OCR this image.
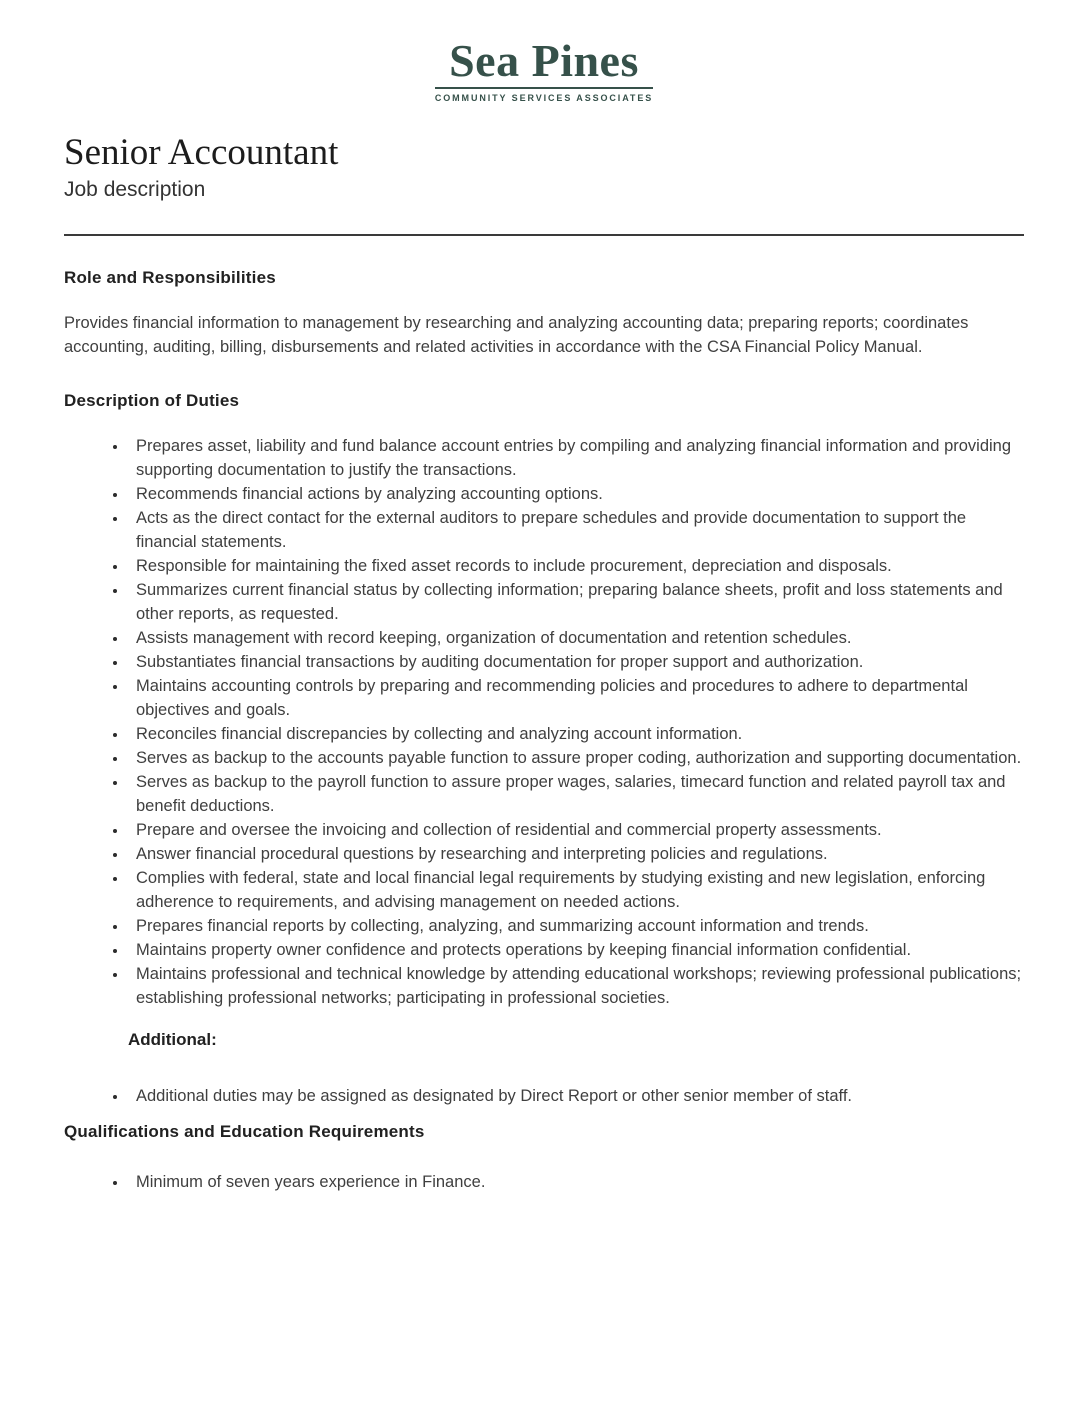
Sea Pines
COMMUNITY SERVICES ASSOCIATES
Senior Accountant
Job description
Role and Responsibilities

Provides financial information to management by researching and analyzing accounting data; preparing reports; coordinates accounting, auditing, billing, disbursements and related activities in accordance with the CSA Financial Policy Manual.

Description of Duties
• Prepares asset, liability and fund balance account entries by compiling and analyzing financial information and providing supporting documentation to justify the transactions.
• Recommends financial actions by analyzing accounting options.
• Acts as the direct contact for the external auditors to prepare schedules and provide documentation to support the financial statements.
• Responsible for maintaining the fixed asset records to include procurement, depreciation and disposals.
• Summarizes current financial status by collecting information; preparing balance sheets, profit and loss statements and other reports, as requested.
• Assists management with record keeping, organization of documentation and retention schedules.
• Substantiates financial transactions by auditing documentation for proper support and authorization.
• Maintains accounting controls by preparing and recommending policies and procedures to adhere to departmental objectives and goals.
• Reconciles financial discrepancies by collecting and analyzing account information.
• Serves as backup to the accounts payable function to assure proper coding, authorization and supporting documentation.
• Serves as backup to the payroll function to assure proper wages, salaries, timecard function and related payroll tax and benefit deductions.
• Prepare and oversee the invoicing and collection of residential and commercial property assessments.
• Answer financial procedural questions by researching and interpreting policies and regulations.
• Complies with federal, state and local financial legal requirements by studying existing and new legislation, enforcing adherence to requirements, and advising management on needed actions.
• Prepares financial reports by collecting, analyzing, and summarizing account information and trends.
• Maintains property owner confidence and protects operations by keeping financial information confidential.
• Maintains professional and technical knowledge by attending educational workshops; reviewing professional publications; establishing professional networks; participating in professional societies.
Additional:
• Additional duties may be assigned as designated by Direct Report or other senior member of staff.
Qualifications and Education Requirements
• Minimum of seven years experience in Finance.
